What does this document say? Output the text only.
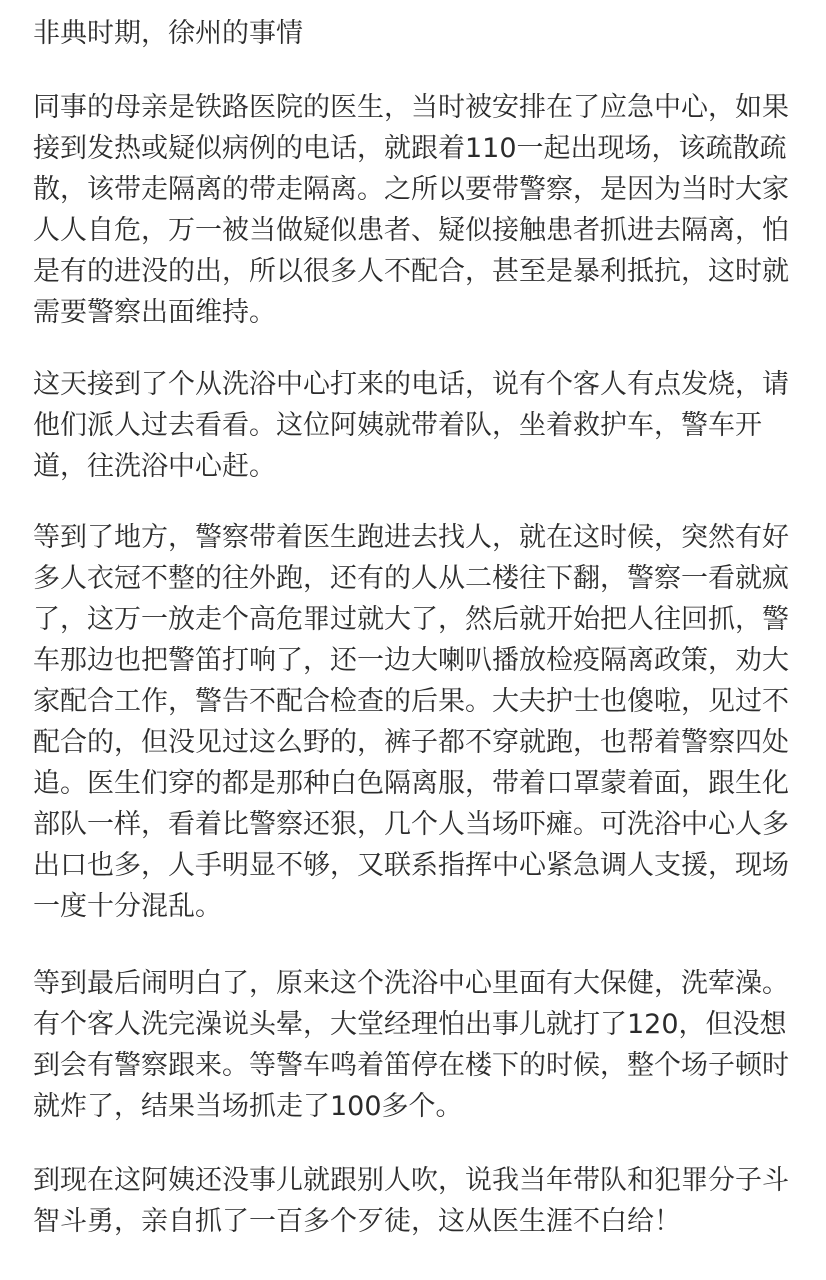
非典时期，徐州的事情
同事的母亲是铁路医院的医生，当时被安排在了应急中心，如果
接到发热或疑似病例的电话，就跟着110一起出现场，该疏散疏
散，该带走隔离的带走隔离。之所以要带警察，是因为当时大家
人人自危，万一被当做疑似患者、疑似接触患者抓进去隔离，怕
是有的进没的出，所以很多人不配合，甚至是暴利抵抗，这时就
需要警察出面维持。
这天接到了个从洗浴中心打来的电话，说有个客人有点发烧，请
他们派人过去看看。这位阿姨就带着队，坐着救护车，警车开
道，往洗浴中心赶。
等到了地方，警察带着医生跑进去找人，就在这时候，突然有好
多人衣冠不整的往外跑，还有的人从二楼往下翻，警察一看就疯
了，这万一放走个高危罪过就大了，然后就开始把人往回抓，警
车那边也把警笛打响了，还一边大喇叭播放检疫隔离政策，劝大
家配合工作，警告不配合检查的后果。大夫护士也傻啦，见过不
配合的，但没见过这么野的，裤子都不穿就跑，也帮着警察四处
追。医生们穿的都是那种白色隔离服，带着口罩蒙着面，跟生化
部队一样，看着比警察还狠，几个人当场吓瘫。可洗浴中心人多
出口也多，人手明显不够，又联系指挥中心紧急调人支援，现场
一度十分混乱。
等到最后闹明白了，原来这个洗浴中心里面有大保健，洗荤澡。
有个客人洗完澡说头晕，大堂经理怕出事儿就打了120，但没想
到会有警察跟来。等警车鸣着笛停在楼下的时候，整个场子顿时
就炸了，结果当场抓走了100多个。
到现在这阿姨还没事儿就跟别人吹，说我当年带队和犯罪分子斗
智斗勇，亲自抓了一百多个歹徒，这从医生涯不白给！
